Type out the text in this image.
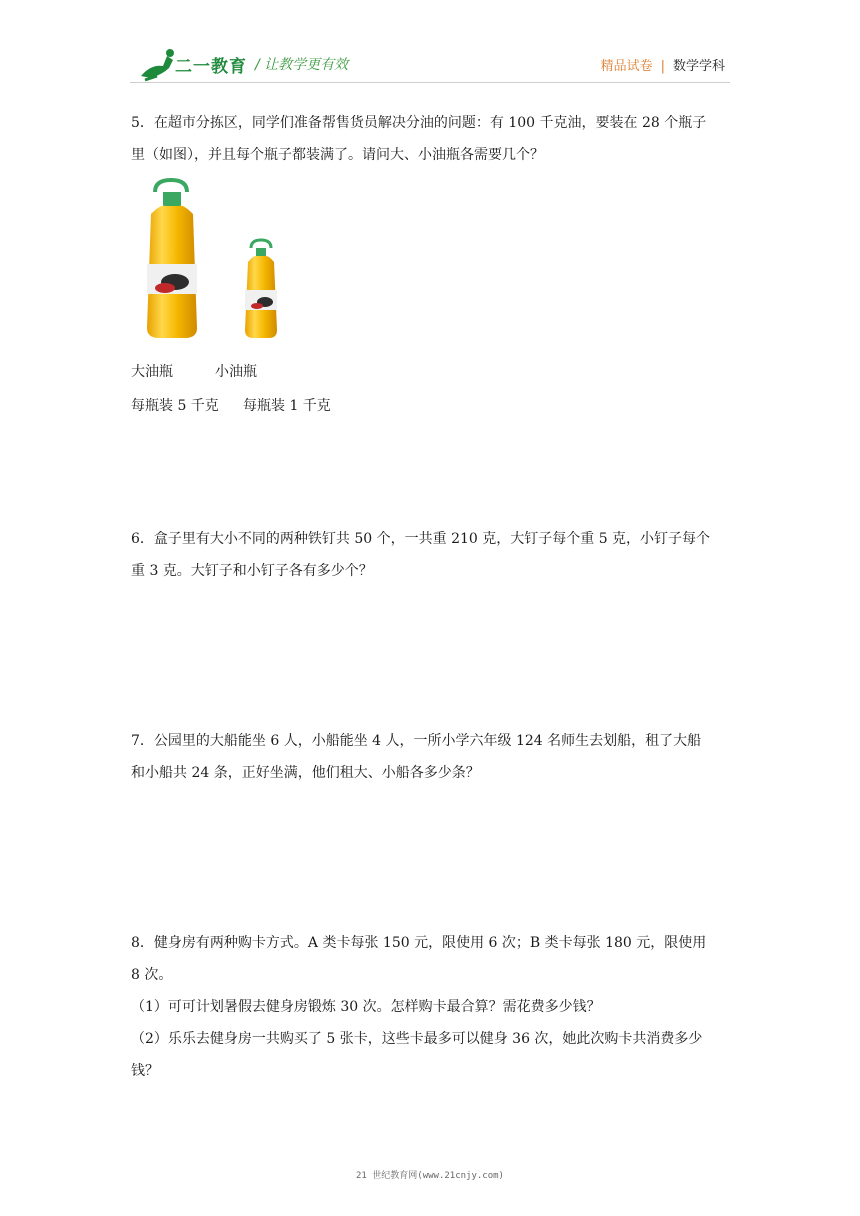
二一教育 / 让教学更有效	精品试卷 | 数学学科

5．在超市分拣区，同学们准备帮售货员解决分油的问题：有 100 千克油，要装在 28 个瓶子

里（如图），并且每个瓶子都装满了。请问大、小油瓶各需要几个？

大油瓶	小油瓶
每瓶装 5 千克 每瓶装 1 千克

6．盒子里有大小不同的两种铁钉共 50 个，一共重 210 克，大钉子每个重 5 克，小钉子每个

重 3 克。大钉子和小钉子各有多少个？

7．公园里的大船能坐 6 人，小船能坐 4 人，一所小学六年级 124 名师生去划船，租了大船

和小船共 24 条，正好坐满，他们租大、小船各多少条？

8．健身房有两种购卡方式。A 类卡每张 150 元，限使用 6 次；B 类卡每张 180 元，限使用

8 次。

（1）可可计划暑假去健身房锻炼 30 次。怎样购卡最合算？需花费多少钱？

（2）乐乐去健身房一共购买了 5 张卡，这些卡最多可以健身 36 次，她此次购卡共消费多少

钱？

21 世纪教育网(www.21cnjy.com)
